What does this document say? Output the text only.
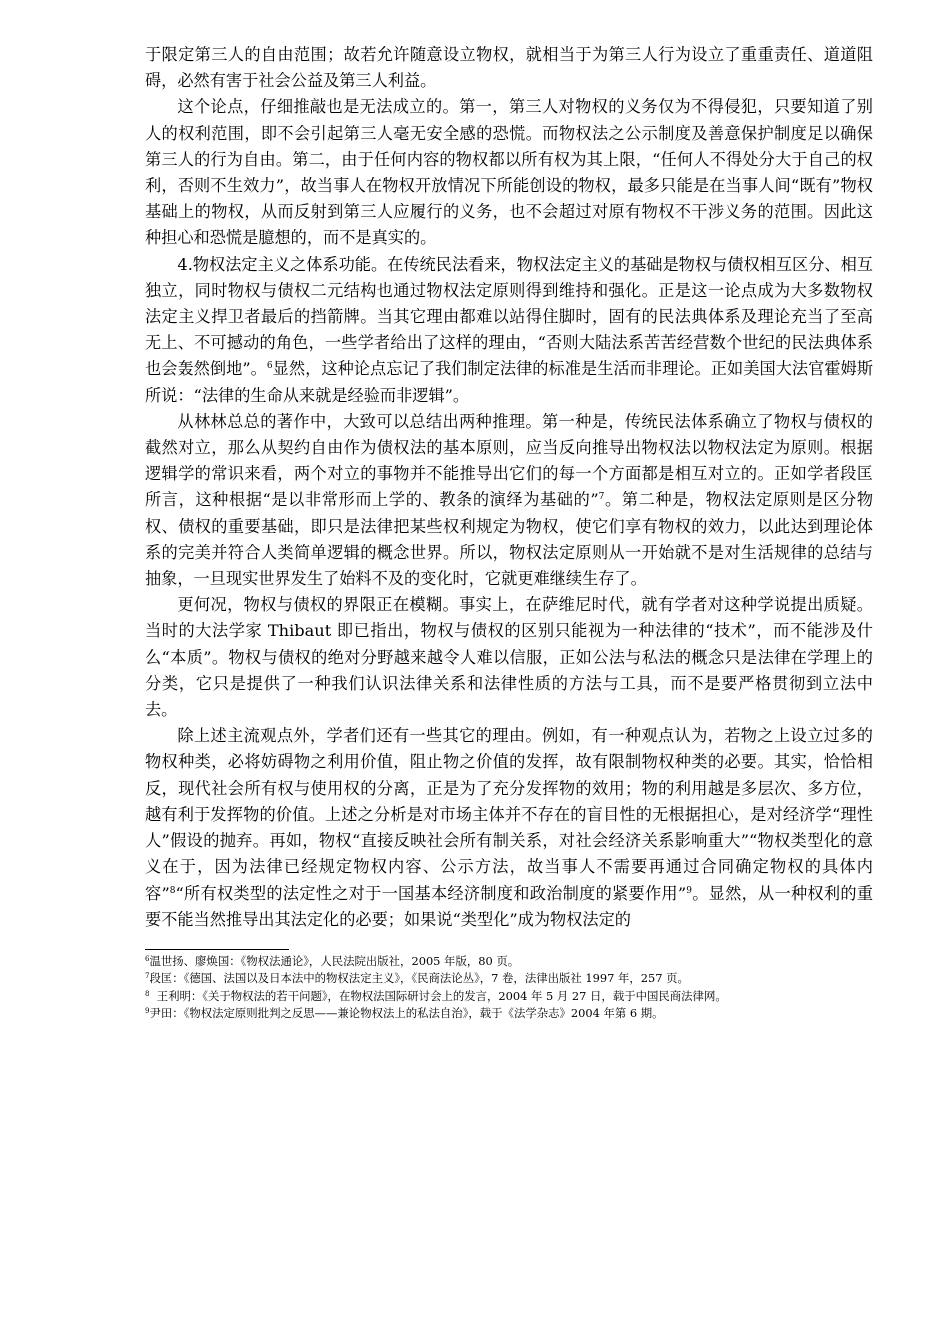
于限定第三人的自由范围；故若允许随意设立物权，就相当于为第三人行为设立了重重责任、道道阻碍，必然有害于社会公益及第三人利益。

这个论点，仔细推敲也是无法成立的。第一，第三人对物权的义务仅为不得侵犯，只要知道了别人的权利范围，即不会引起第三人毫无安全感的恐慌。而物权法之公示制度及善意保护制度足以确保第三人的行为自由。第二，由于任何内容的物权都以所有权为其上限，“任何人不得处分大于自己的权利，否则不生效力”，故当事人在物权开放情况下所能创设的物权，最多只能是在当事人间“既有”物权基础上的物权，从而反射到第三人应履行的义务，也不会超过对原有物权不干涉义务的范围。因此这种担心和恐慌是臆想的，而不是真实的。

4.物权法定主义之体系功能。在传统民法看来，物权法定主义的基础是物权与债权相互区分、相互独立，同时物权与债权二元结构也通过物权法定原则得到维持和强化。正是这一论点成为大多数物权法定主义捍卫者最后的挡箭牌。当其它理由都难以站得住脚时，固有的民法典体系及理论充当了至高无上、不可撼动的角色，一些学者给出了这样的理由，“否则大陆法系苦苦经营数个世纪的民法典体系也会轰然倒地”。$^6$显然，这种论点忘记了我们制定法律的标准是生活而非理论。正如美国大法官霍姆斯所说：“法律的生命从来就是经验而非逻辑”。

从林林总总的著作中，大致可以总结出两种推理。第一种是，传统民法体系确立了物权与债权的截然对立，那么从契约自由作为债权法的基本原则，应当反向推导出物权法以物权法定为原则。根据逻辑学的常识来看，两个对立的事物并不能推导出它们的每一个方面都是相互对立的。正如学者段匡所言，这种根据“是以非常形而上学的、教条的演绎为基础的”$^7$。第二种是，物权法定原则是区分物权、债权的重要基础，即只是法律把某些权利规定为物权，使它们享有物权的效力，以此达到理论体系的完美并符合人类简单逻辑的概念世界。所以，物权法定原则从一开始就不是对生活规律的总结与抽象，一旦现实世界发生了始料不及的变化时，它就更难继续生存了。

更何况，物权与债权的界限正在模糊。事实上，在萨维尼时代，就有学者对这种学说提出质疑。当时的大法学家 Thibaut 即已指出，物权与债权的区别只能视为一种法律的“技术”，而不能涉及什么“本质”。物权与债权的绝对分野越来越令人难以信服，正如公法与私法的概念只是法律在学理上的分类，它只是提供了一种我们认识法律关系和法律性质的方法与工具，而不是要严格贯彻到立法中去。

除上述主流观点外，学者们还有一些其它的理由。例如，有一种观点认为，若物之上设立过多的物权种类，必将妨碍物之利用价值，阻止物之价值的发挥，故有限制物权种类的必要。其实，恰恰相反，现代社会所有权与使用权的分离，正是为了充分发挥物的效用；物的利用越是多层次、多方位，越有利于发挥物的价值。上述之分析是对市场主体并不存在的盲目性的无根据担心，是对经济学“理性人”假设的抛弃。再如，物权“直接反映社会所有制关系，对社会经济关系影响重大”“物权类型化的意义在于，因为法律已经规定物权内容、公示方法，故当事人不需要再通过合同确定物权的具体内容”$^8$“所有权类型的法定性之对于一国基本经济制度和政治制度的紧要作用”$^9$。显然，从一种权利的重要不能当然推导出其法定化的必要；如果说“类型化”成为物权法定的

$^6$温世扬、廖焕国：《物权法通论》，人民法院出版社，2005 年版，80 页。

$^7$段匡：《德国、法国以及日本法中的物权法定主义》，《民商法论丛》，7 卷，法律出版社 1997 年，257 页。

$^8$  王利明：《关于物权法的若干问题》，在物权法国际研讨会上的发言，2004 年 5 月 27 日，载于中国民商法律网。

$^9$尹田：《物权法定原则批判之反思——兼论物权法上的私法自治》，载于《法学杂志》2004 年第 6 期。
